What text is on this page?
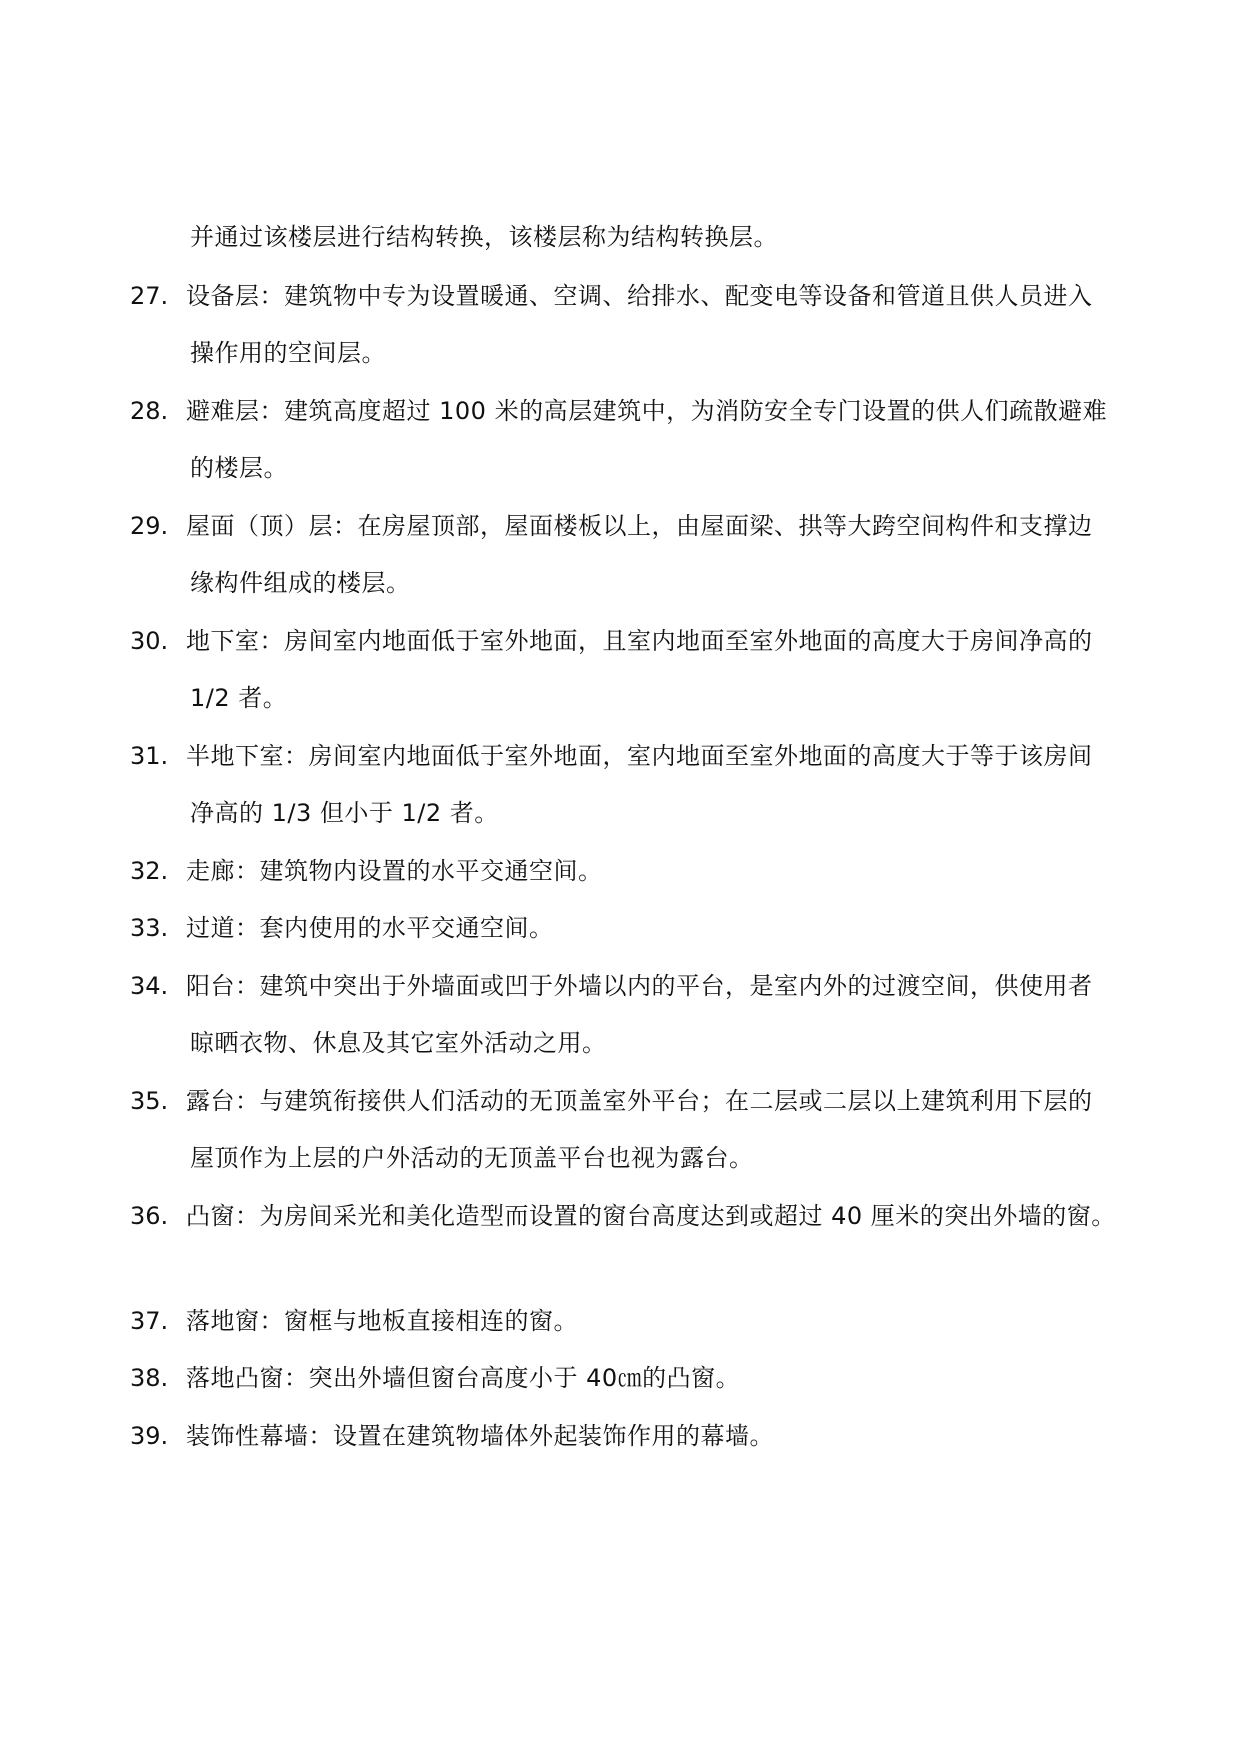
并通过该楼层进行结构转换，该楼层称为结构转换层。
27. 设备层：建筑物中专为设置暖通、空调、给排水、配变电等设备和管道且供人员进入
操作用的空间层。
28. 避难层：建筑高度超过 100 米的高层建筑中，为消防安全专门设置的供人们疏散避难
的楼层。
29. 屋面（顶）层：在房屋顶部，屋面楼板以上，由屋面梁、拱等大跨空间构件和支撑边
缘构件组成的楼层。
30. 地下室：房间室内地面低于室外地面，且室内地面至室外地面的高度大于房间净高的
1/2 者。
31. 半地下室：房间室内地面低于室外地面，室内地面至室外地面的高度大于等于该房间
净高的 1/3 但小于 1/2 者。
32. 走廊：建筑物内设置的水平交通空间。
33. 过道：套内使用的水平交通空间。
34. 阳台：建筑中突出于外墙面或凹于外墙以内的平台，是室内外的过渡空间，供使用者
晾晒衣物、休息及其它室外活动之用。
35. 露台：与建筑衔接供人们活动的无顶盖室外平台；在二层或二层以上建筑利用下层的
屋顶作为上层的户外活动的无顶盖平台也视为露台。
36. 凸窗：为房间采光和美化造型而设置的窗台高度达到或超过 40 厘米的突出外墙的窗。
37. 落地窗：窗框与地板直接相连的窗。
38. 落地凸窗：突出外墙但窗台高度小于 40㎝的凸窗。
39. 装饰性幕墙：设置在建筑物墙体外起装饰作用的幕墙。
